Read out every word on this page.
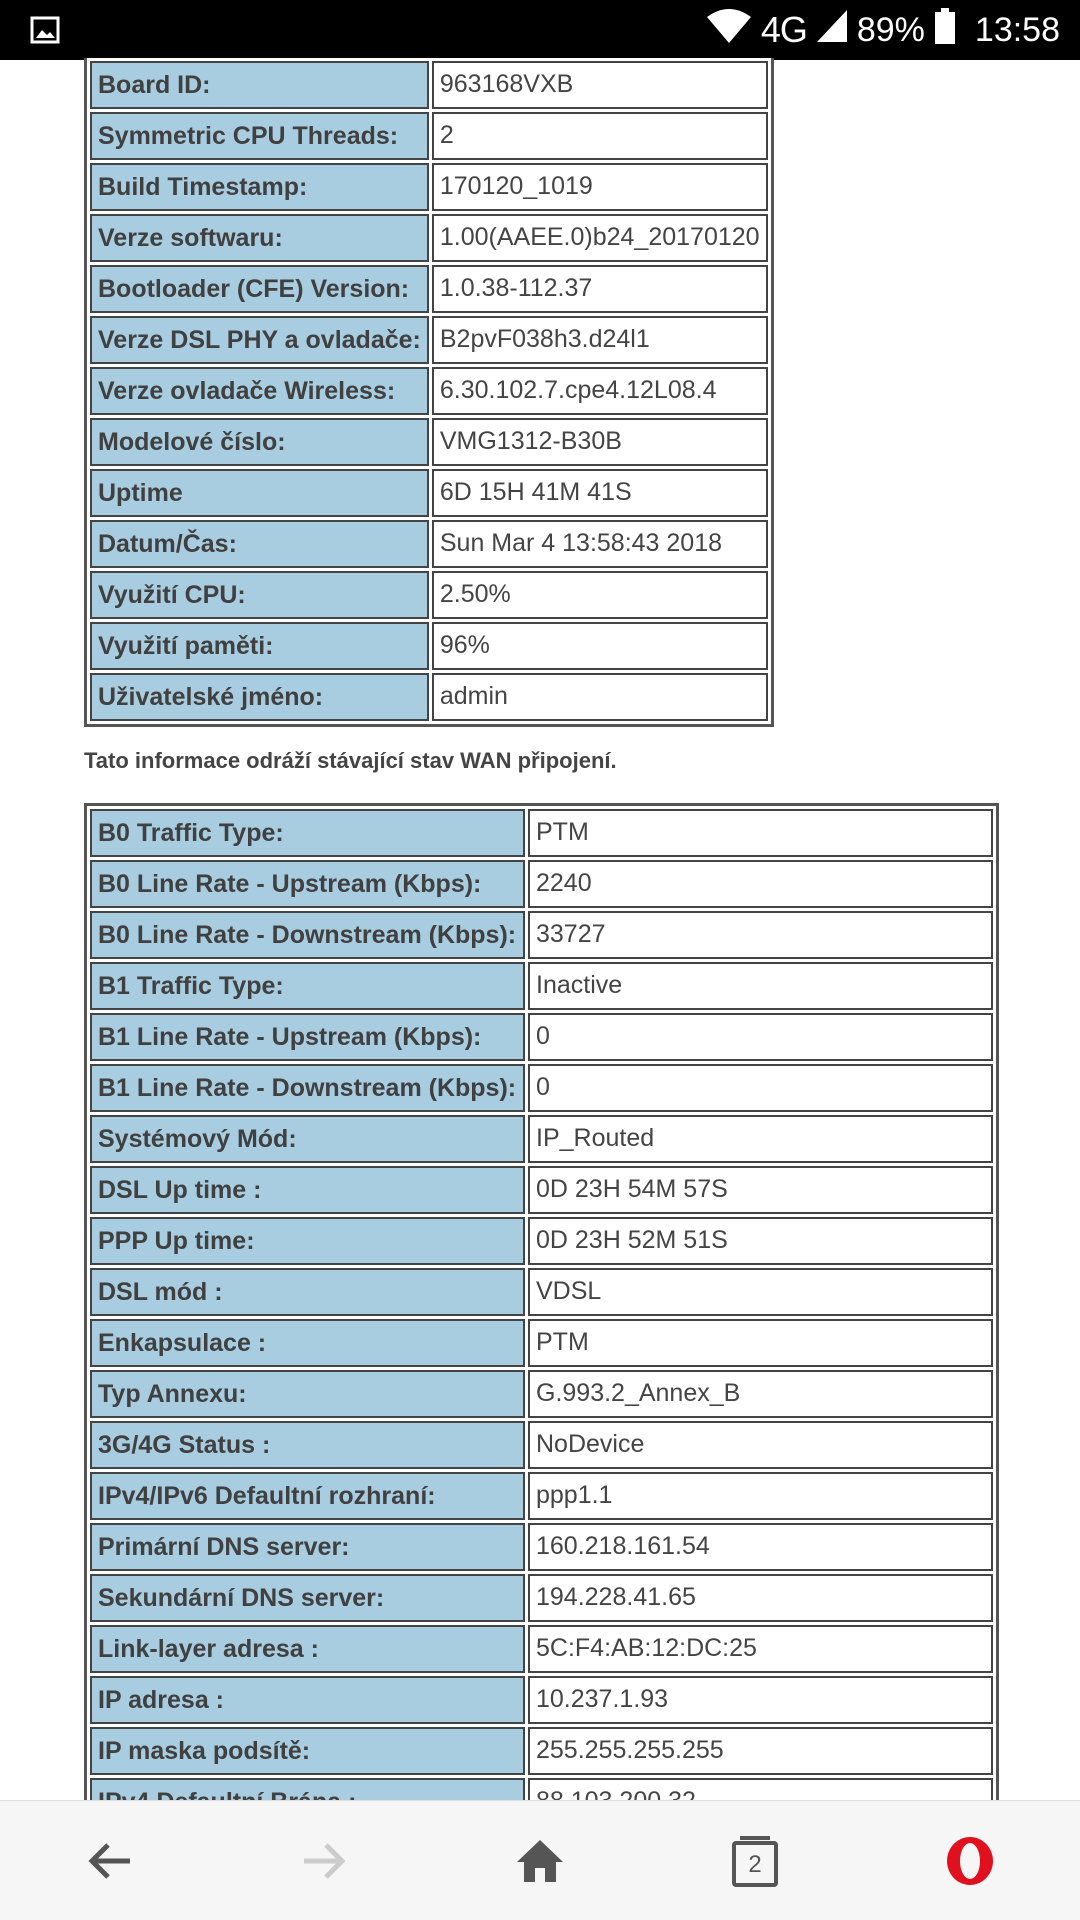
4G 89% 13:58
Board ID:	963168VXB
Symmetric CPU Threads:	2
Build Timestamp:	170120_1019
Verze softwaru:	1.00(AAEE.0)b24_20170120
Bootloader (CFE) Version:	1.0.38-112.37
Verze DSL PHY a ovladače:	B2pvF038h3.d24l1
Verze ovladače Wireless:	6.30.102.7.cpe4.12L08.4
Modelové číslo:	VMG1312-B30B
Uptime	6D 15H 41M 41S
Datum/Čas:	Sun Mar 4 13:58:43 2018
Využití CPU:	2.50%
Využití paměti:	96%
Uživatelské jméno:	admin
Tato informace odráží stávající stav WAN připojení.
B0 Traffic Type:	PTM
B0 Line Rate - Upstream (Kbps):	2240
B0 Line Rate - Downstream (Kbps):	33727
B1 Traffic Type:	Inactive
B1 Line Rate - Upstream (Kbps):	0
B1 Line Rate - Downstream (Kbps):	0
Systémový Mód:	IP_Routed
DSL Up time :	0D 23H 54M 57S
PPP Up time:	0D 23H 52M 51S
DSL mód :	VDSL
Enkapsulace :	PTM
Typ Annexu:	G.993.2_Annex_B
3G/4G Status :	NoDevice
IPv4/IPv6 Defaultní rozhraní:	ppp1.1
Primární DNS server:	160.218.161.54
Sekundární DNS server:	194.228.41.65
Link-layer adresa :	5C:F4:AB:12:DC:25
IP adresa :	10.237.1.93
IP maska podsítě:	255.255.255.255

2
